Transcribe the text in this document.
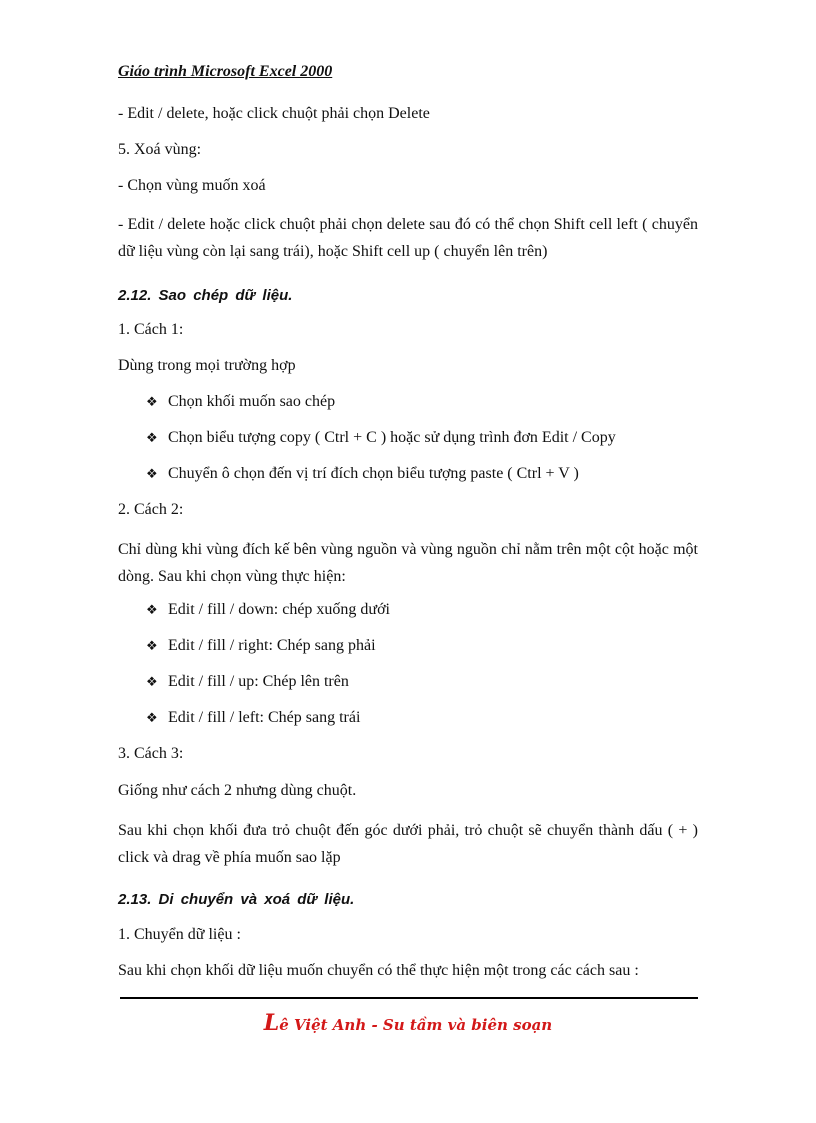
Giáo trình Microsoft Excel 2000
- Edit / delete, hoặc click chuột phải chọn Delete
5. Xoá vùng:
- Chọn vùng muốn xoá
- Edit / delete hoặc click chuột phải chọn delete sau đó có thể chọn Shift cell left ( chuyển dữ liệu vùng còn lại sang trái), hoặc Shift cell up ( chuyển lên trên)
2.12. Sao chép dữ liệu.
1. Cách 1:
Dùng trong mọi trường hợp
❖ Chọn khối muốn sao chép
❖ Chọn biểu tượng copy ( Ctrl + C ) hoặc sử dụng trình đơn Edit / Copy
❖ Chuyển ô chọn đến vị trí đích chọn biểu tượng paste ( Ctrl + V )
2. Cách 2:
Chỉ dùng khi vùng đích kế bên vùng nguồn và vùng nguồn chỉ nằm trên một cột hoặc một dòng. Sau khi chọn vùng thực hiện:
❖ Edit / fill / down: chép xuống dưới
❖ Edit / fill / right: Chép sang phải
❖ Edit / fill / up: Chép lên trên
❖ Edit / fill / left: Chép sang trái
3. Cách 3:
Giống như cách 2 nhưng dùng chuột.
Sau khi chọn khối đưa trỏ chuột đến góc dưới phải, trỏ chuột sẽ chuyển thành dấu ( + ) click và drag về phía muốn sao lặp
2.13. Di chuyển và xoá dữ liệu.
1. Chuyển dữ liệu :
Sau khi chọn khối dữ liệu muốn chuyển có thể thực hiện một trong các cách sau :
Lê Việt Anh - Su tầm và biên soạn
